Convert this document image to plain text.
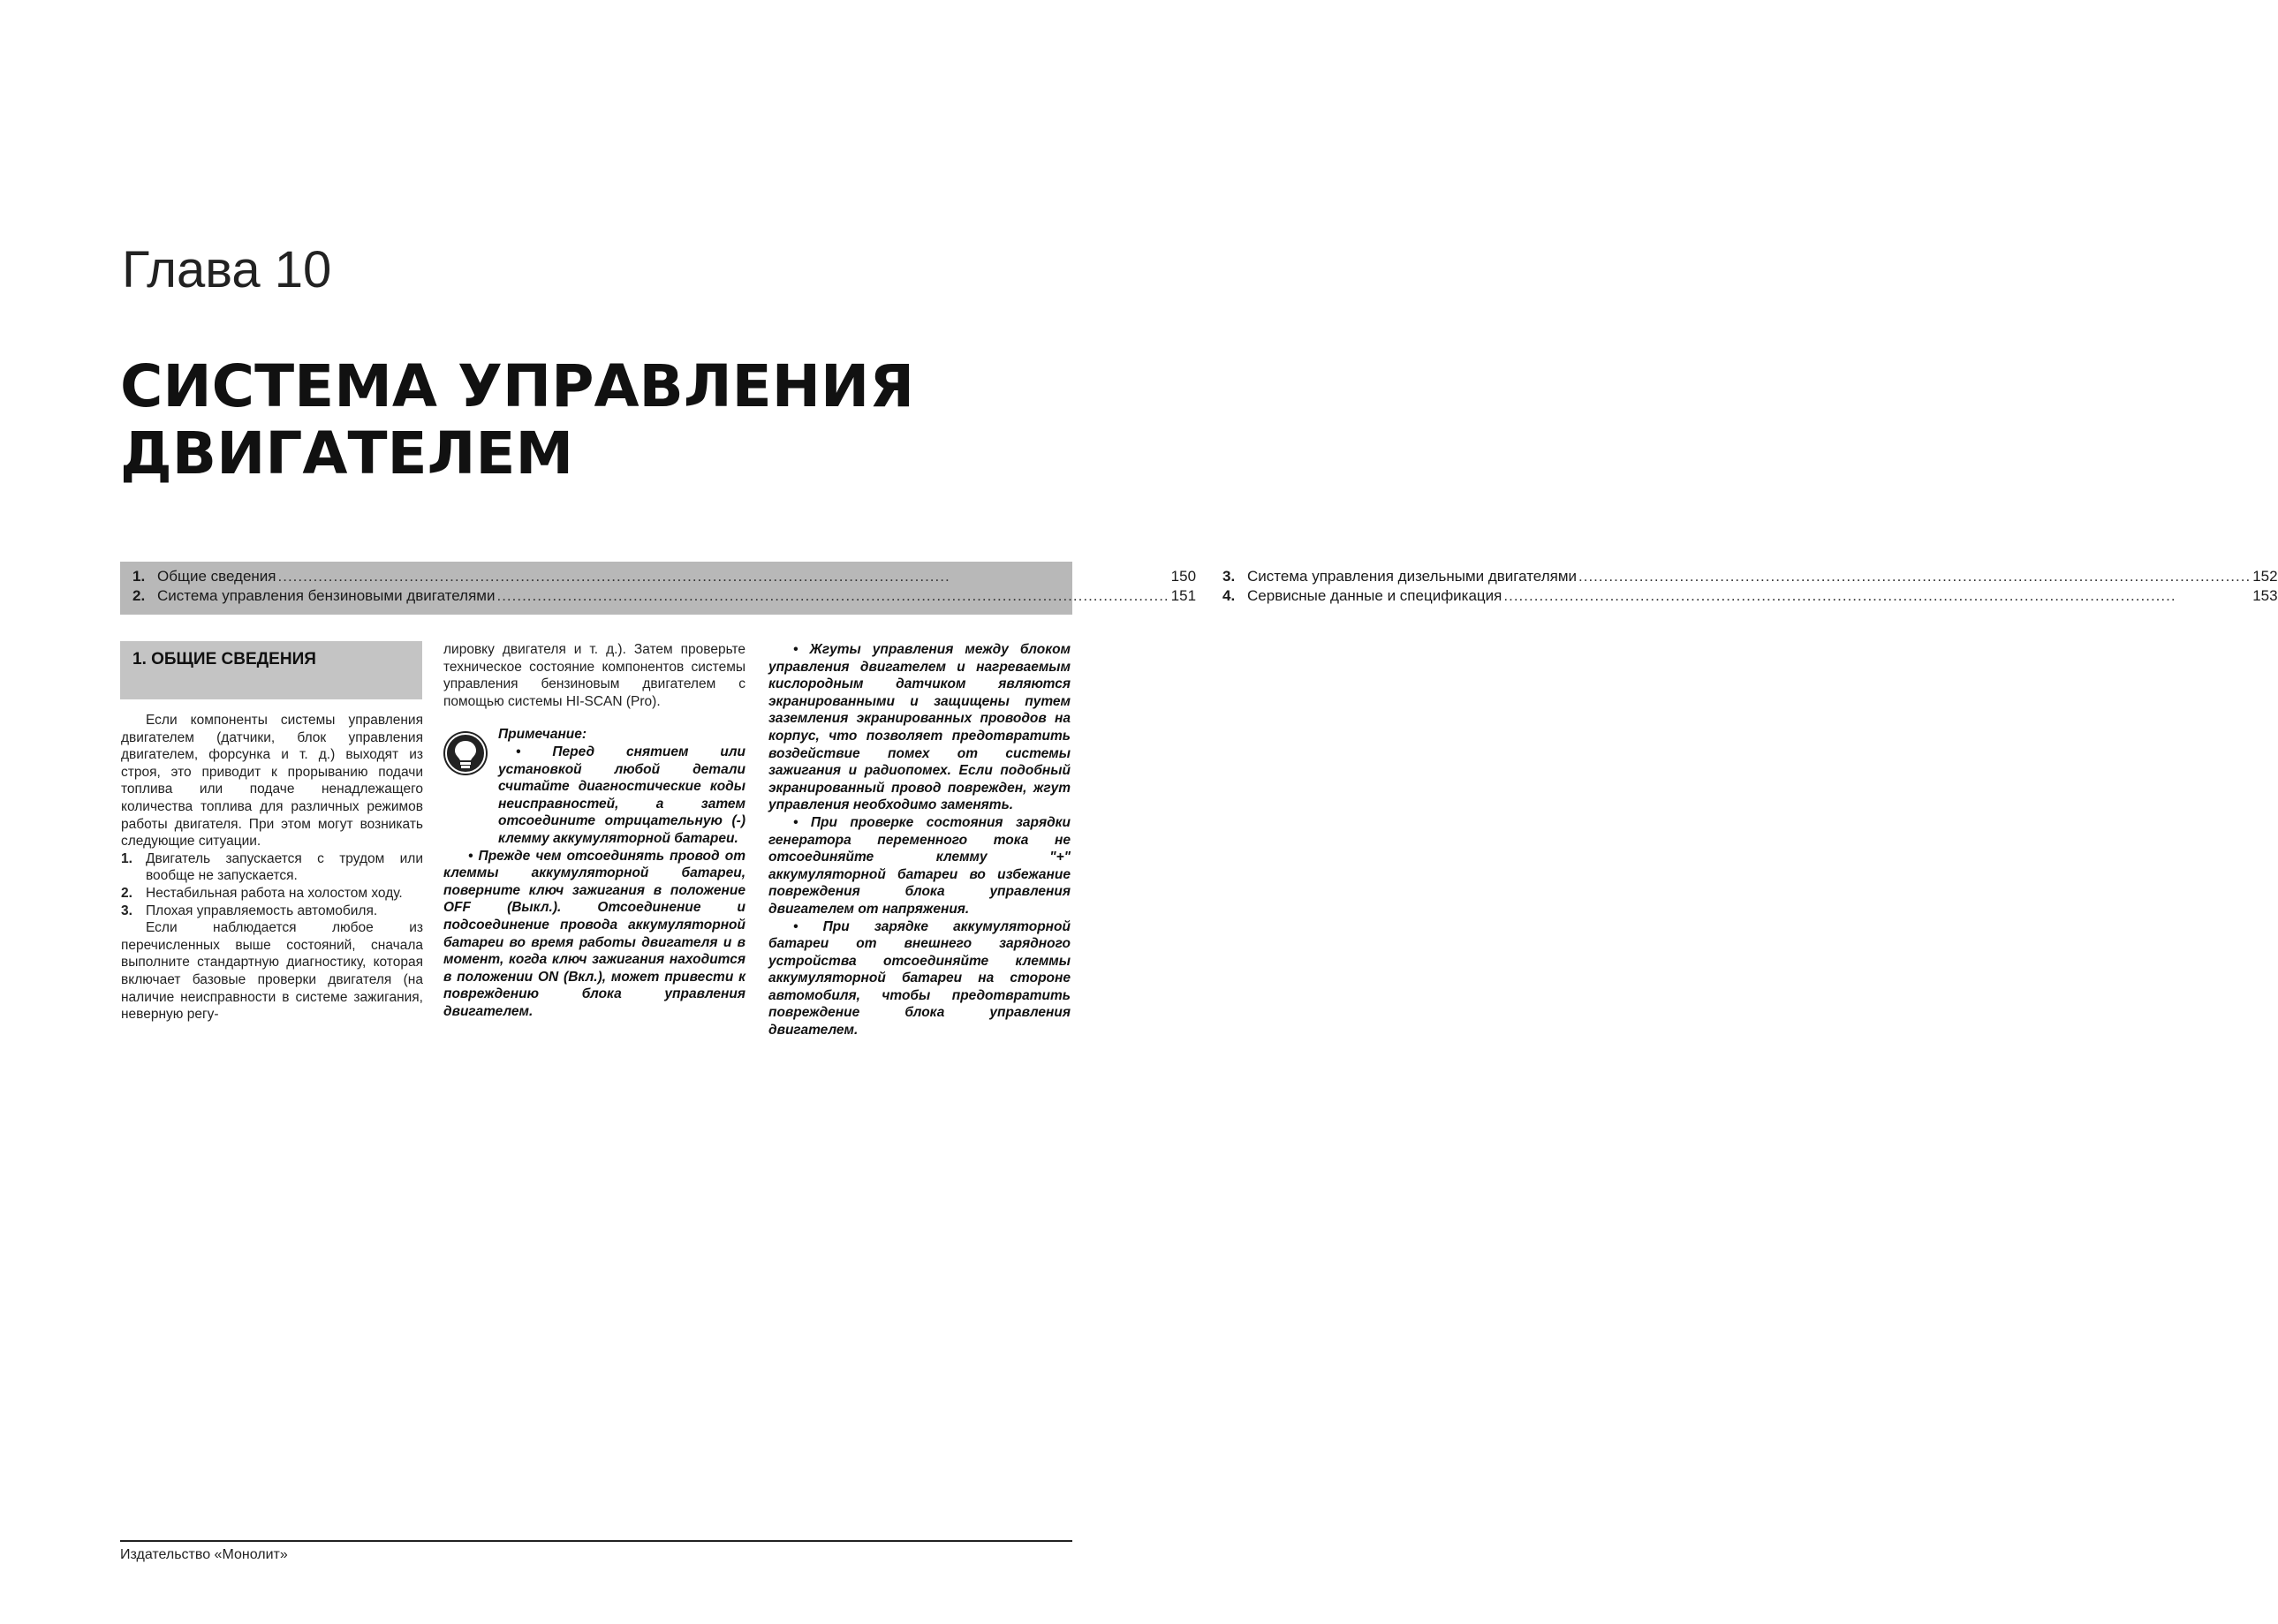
Глава 10
СИСТЕМА УПРАВЛЕНИЯ
ДВИГАТЕЛЕМ
1. Общие сведения .....	150
2. Система управления бензиновыми двигателями .....	151
3. Система управления дизельными двигателями .....	152
4. Сервисные данные и спецификация .....	153
1. ОБЩИЕ СВЕДЕНИЯ

Если компоненты системы управления двигателем (датчики, блок управления двигателем, форсунка и т. д.) выходят из строя, это приводит к прорыванию подачи топлива или подаче ненадлежащего количества топлива для различных режимов работы двигателя. При этом могут возникать следующие ситуации.

1. Двигатель запускается с трудом или вообще не запускается.
2. Нестабильная работа на холостом ходу.
3. Плохая управляемость автомобиля.

Если наблюдается любое из перечисленных выше состояний, сначала выполните стандартную диагностику, которая включает базовые проверки двигателя (на наличие неисправности в системе зажигания, неверную регу-

лировку двигателя и т. д.). Затем проверьте техническое состояние компонентов системы управления бензиновым двигателем с помощью системы HI-SCAN (Pro).

Примечание:

• Перед снятием или установкой любой детали считайте диагностические коды неисправностей, а затем отсоедините отрицательную (-) клемму аккумуляторной батареи.

• Прежде чем отсоединять провод от клеммы аккумуляторной батареи, поверните ключ зажигания в положение OFF (Выкл.). Отсоединение и подсоединение провода аккумуляторной батареи во время работы двигателя и в момент, когда ключ зажигания находится в положении ON (Вкл.), может привести к повреждению блока управления двигателем.

• Жгуты управления между блоком управления двигателем и нагреваемым кислородным датчиком являются экранированными и защищены путем заземления экранированных проводов на корпус, что позволяет предотвратить воздействие помех от системы зажигания и радиопомех. Если подобный экранированный провод поврежден, жгут управления необходимо заменять.

• При проверке состояния зарядки генератора переменного тока не отсоединяйте клемму "+" аккумуляторной батареи во избежание повреждения блока управления двигателем от напряжения.

• При зарядке аккумуляторной батареи от внешнего зарядного устройства отсоединяйте клеммы аккумуляторной батареи на стороне автомобиля, чтобы предотвратить повреждение блока управления двигателем.

Издательство «Монолит»
